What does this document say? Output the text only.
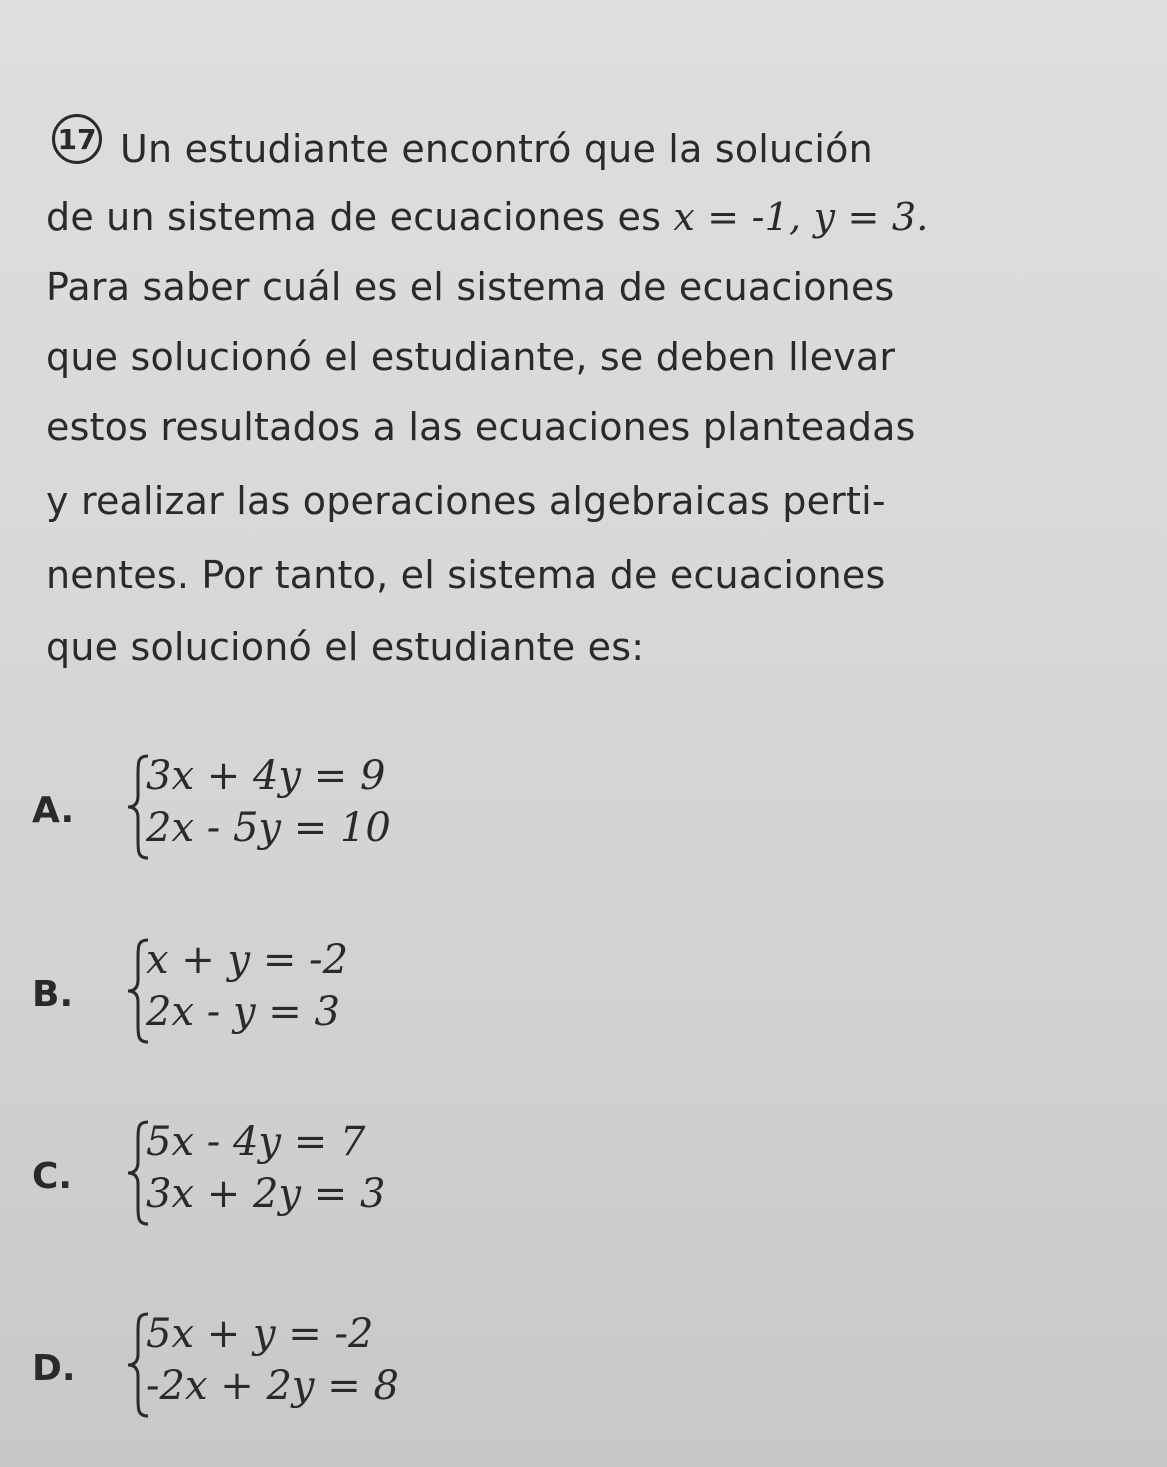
17 Un estudiante encontró que la solución
de un sistema de ecuaciones es x = -1, y = 3.
Para saber cuál es el sistema de ecuaciones
que solucionó el estudiante, se deben llevar
estos resultados a las ecuaciones planteadas
y realizar las operaciones algebraicas perti-
nentes. Por tanto, el sistema de ecuaciones
que solucionó el estudiante es:
A.
3x + 4y = 9
2x - 5y = 10
B.
x + y = -2
2x - y = 3
C.
5x - 4y = 7
3x + 2y = 3
D.
5x + y = -2
-2x + 2y = 8
